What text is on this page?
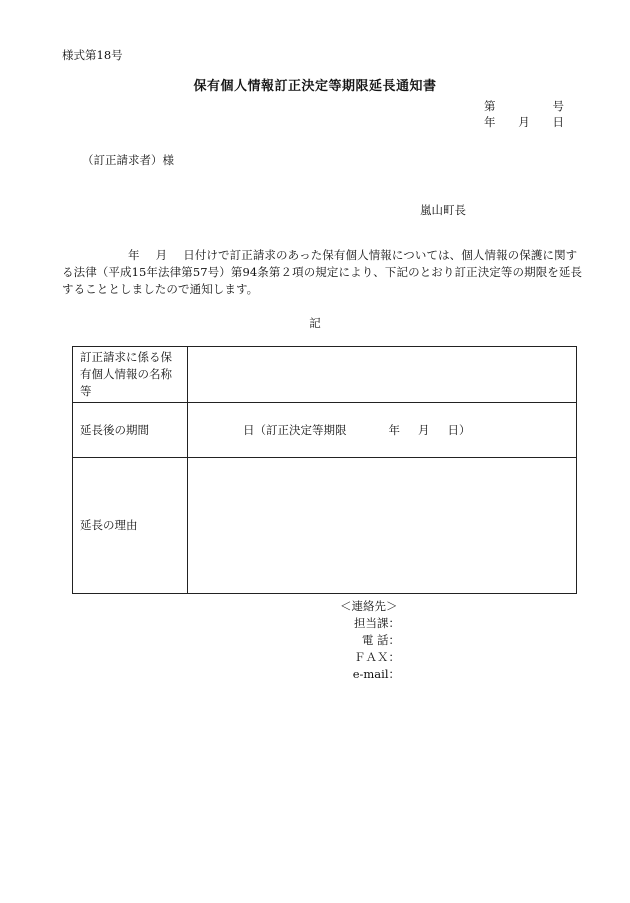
様式第18号
保有個人情報訂正決定等期限延長通知書
第	号
年 月 日
（訂正請求者）様
嵐山町長
年 月 日付けで訂正請求のあった保有個人情報については、個人情報の保護に関する法律（平成15年法律第57号）第94条第２項の規定により、下記のとおり訂正決定等の期限を延長することとしましたので通知します。
記
訂正請求に係る保有個人情報の名称等	
延長後の期間	日（訂正決定等期限 年 月 日）
延長の理由	
＜連絡先＞
担当課：
電 話：
ＦＡＸ：
e-mail：
